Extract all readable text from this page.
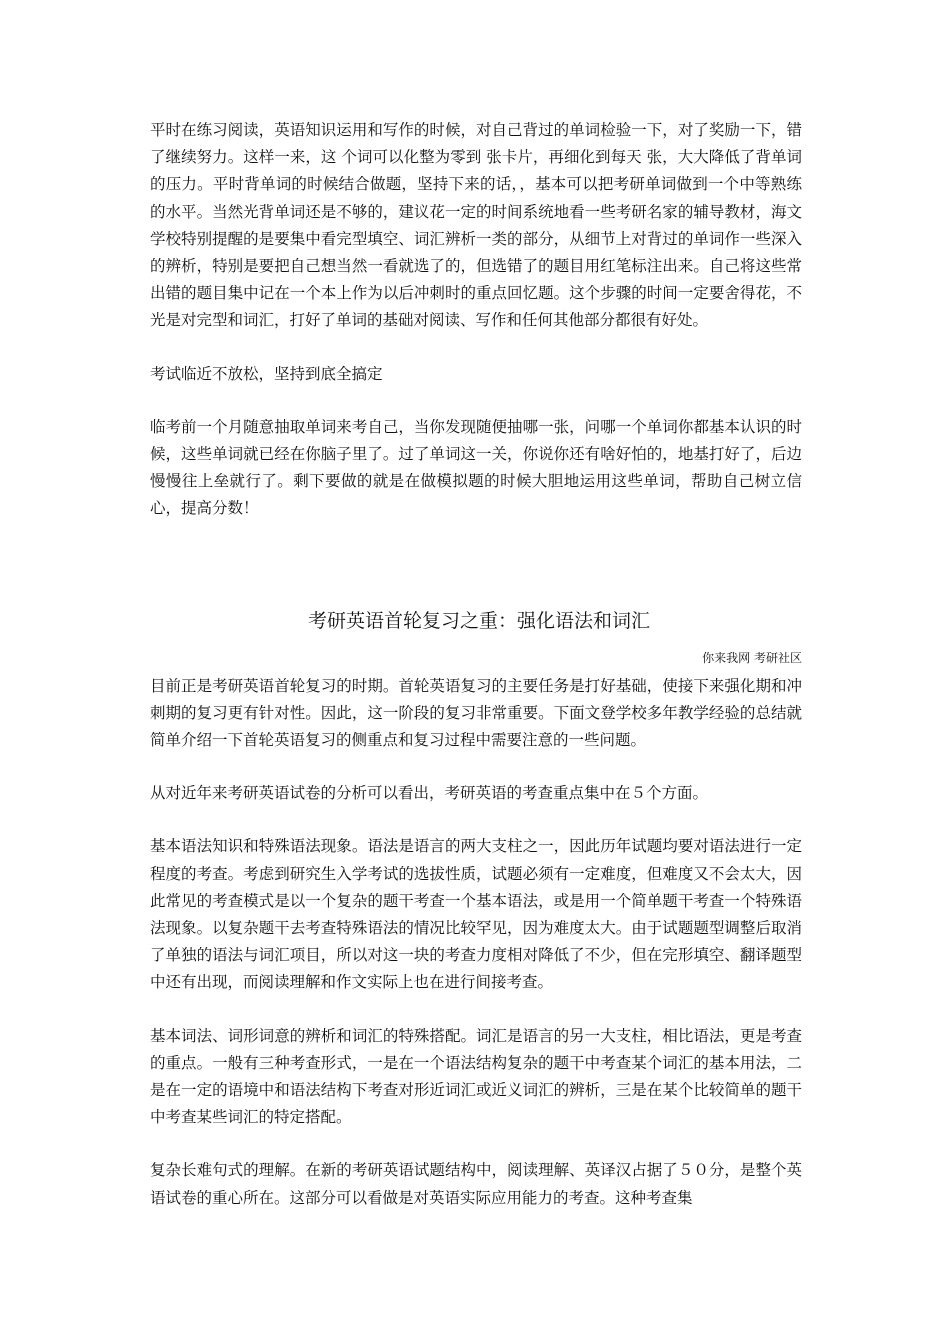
平时在练习阅读，英语知识运用和写作的时候，对自己背过的单词检验一下，对了奖励一下，错了继续努力。这样一来，这 个词可以化整为零到 张卡片，再细化到每天 张，大大降低了背单词的压力。平时背单词的时候结合做题，坚持下来的话，，基本可以把考研单词做到一个中等熟练的水平。当然光背单词还是不够的，建议花一定的时间系统地看一些考研名家的辅导教材，海文学校特别提醒的是要集中看完型填空、词汇辨析一类的部分，从细节上对背过的单词作一些深入的辨析，特别是要把自己想当然一看就选了的，但选错了的题目用红笔标注出来。自己将这些常出错的题目集中记在一个本上作为以后冲刺时的重点回忆题。这个步骤的时间一定要舍得花，不光是对完型和词汇，打好了单词的基础对阅读、写作和任何其他部分都很有好处。

考试临近不放松，坚持到底全搞定

临考前一个月随意抽取单词来考自己，当你发现随便抽哪一张，问哪一个单词你都基本认识的时候，这些单词就已经在你脑子里了。过了单词这一关，你说你还有啥好怕的，地基打好了，后边慢慢往上垒就行了。剩下要做的就是在做模拟题的时候大胆地运用这些单词，帮助自己树立信心，提高分数！

考研英语首轮复习之重：强化语法和词汇

你来我网 考研社区

目前正是考研英语首轮复习的时期。首轮英语复习的主要任务是打好基础，使接下来强化期和冲刺期的复习更有针对性。因此，这一阶段的复习非常重要。下面文登学校多年教学经验的总结就简单介绍一下首轮英语复习的侧重点和复习过程中需要注意的一些问题。

从对近年来考研英语试卷的分析可以看出，考研英语的考查重点集中在５个方面。

基本语法知识和特殊语法现象。语法是语言的两大支柱之一，因此历年试题均要对语法进行一定程度的考查。考虑到研究生入学考试的选拔性质，试题必须有一定难度，但难度又不会太大，因此常见的考查模式是以一个复杂的题干考查一个基本语法，或是用一个简单题干考查一个特殊语法现象。以复杂题干去考查特殊语法的情况比较罕见，因为难度太大。由于试题题型调整后取消了单独的语法与词汇项目，所以对这一块的考查力度相对降低了不少，但在完形填空、翻译题型中还有出现，而阅读理解和作文实际上也在进行间接考查。

基本词法、词形词意的辨析和词汇的特殊搭配。词汇是语言的另一大支柱，相比语法，更是考查的重点。一般有三种考查形式，一是在一个语法结构复杂的题干中考查某个词汇的基本用法，二是在一定的语境中和语法结构下考查对形近词汇或近义词汇的辨析，三是在某个比较简单的题干中考查某些词汇的特定搭配。

复杂长难句式的理解。在新的考研英语试题结构中，阅读理解、英译汉占据了５０分，是整个英语试卷的重心所在。这部分可以看做是对英语实际应用能力的考查。这种考查集
